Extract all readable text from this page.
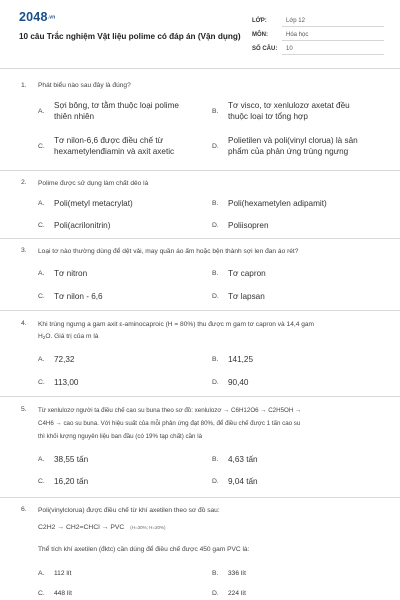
2048.vn
10 câu Trắc nghiệm Vật liệu polime có đáp án (Vận dụng)
LỚP:	Lớp 12
MÔN:	Hóa học
SỐ CÂU:	10
1. Phát biểu nào sau đây là đúng?
A.
Sợi bông, tơ tằm thuộc loại polime
thiên nhiên
B.
Tơ visco, tơ xenlulozơ axetat đều
thuộc loại tơ tổng hợp
C.
Tơ nilon-6,6 được điều chế từ
hexametylenđiamin và axit axetic
D.
Polietilen và poli(vinyl clorua) là sản
phẩm của phản ứng trùng ngưng
2. Polime được sử dụng làm chất dẻo là
A. Poli(metyl metacrylat)	B. Poli(hexametylen adipamit)
C. Poli(acrilonitrin)	D. Poliisopren
3. Loại tơ nào thường dùng để dệt vải, may quần áo ấm hoặc bện thành sợi len đan áo rét?
A. Tơ nitron	B. Tơ capron
C. Tơ nilon - 6,6	D. Tơ lapsan
4. Khi trùng ngưng a gam axit ε-aminocaproic (H = 80%) thu được m gam tơ capron và 14,4 gam
$H_2O$. Giá trị của m là
A. 72,32	B. 141,25
C. 113,00	D. 90,40
5. Từ xenlulozơ người ta điều chế cao su buna theo sơ đồ: xenlulozơ → C6H12O6 → C2H5OH →
C4H6 → cao su buna. Với hiệu suất của mỗi phản ứng đạt 80%, để điều chế được 1 tấn cao su
thì khối lượng nguyên liệu ban đầu (có 19% tạp chất) cần là
A. 38,55 tấn	B. 4,63 tấn
C. 16,20 tấn	D. 9,04 tấn
6. Poli(vinylclorua) được điều chế từ khí axetilen theo sơ đồ sau:
C2H2 → CH2=CHCl → PVC (H=30%; H=20%)
Thể tích khí axetilen (đktc) cần dùng để điều chế được 450 gam PVC là:
A. 112 lít	B. 336 lít
C. 448 lít	D. 224 lít
